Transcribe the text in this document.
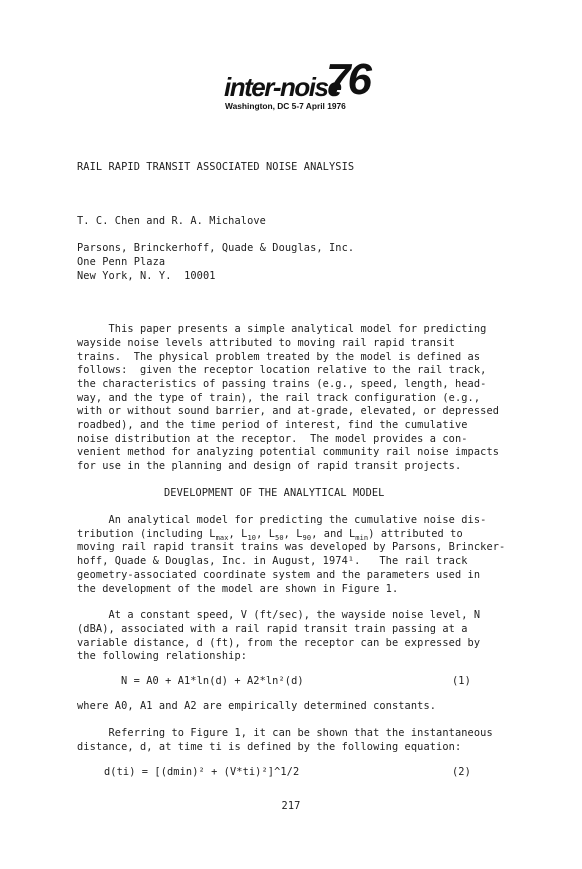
inter-noise
76
Washington, DC 5-7 April 1976
RAIL RAPID TRANSIT ASSOCIATED NOISE ANALYSIS
T. C. Chen and R. A. Michalove
Parsons, Brinckerhoff, Quade & Douglas, Inc.
One Penn Plaza
New York, N. Y.  10001
This paper presents a simple analytical model for predicting
wayside noise levels attributed to moving rail rapid transit
trains.  The physical problem treated by the model is defined as
follows:  given the receptor location relative to the rail track,
the characteristics of passing trains (e.g., speed, length, head-
way, and the type of train), the rail track configuration (e.g.,
with or without sound barrier, and at-grade, elevated, or depressed
roadbed), and the time period of interest, find the cumulative
noise distribution at the receptor.  The model provides a con-
venient method for analyzing potential community rail noise impacts
for use in the planning and design of rapid transit projects.
DEVELOPMENT OF THE ANALYTICAL MODEL
An analytical model for predicting the cumulative noise dis-
tribution (including $L_{max}$, $L_{10}$, $L_{50}$, $L_{90}$, and $L_{min}$) attributed to
moving rail rapid transit trains was developed by Parsons, Brincker-
hoff, Quade & Douglas, Inc. in August, 1974¹.   The rail track
geometry-associated coordinate system and the parameters used in
the development of the model are shown in Figure 1.
At a constant speed, V (ft/sec), the wayside noise level, N
(dBA), associated with a rail rapid transit train passing at a
variable distance, d (ft), from the receptor can be expressed by
the following relationship:
N = A0 + A1*ln(d) + A2*ln²(d)	(1)
where A0, A1 and A2 are empirically determined constants.
Referring to Figure 1, it can be shown that the instantaneous
distance, d, at time ti is defined by the following equation:
d(ti) = [(dmin)² + (V*ti)²]^1/2	(2)
217
